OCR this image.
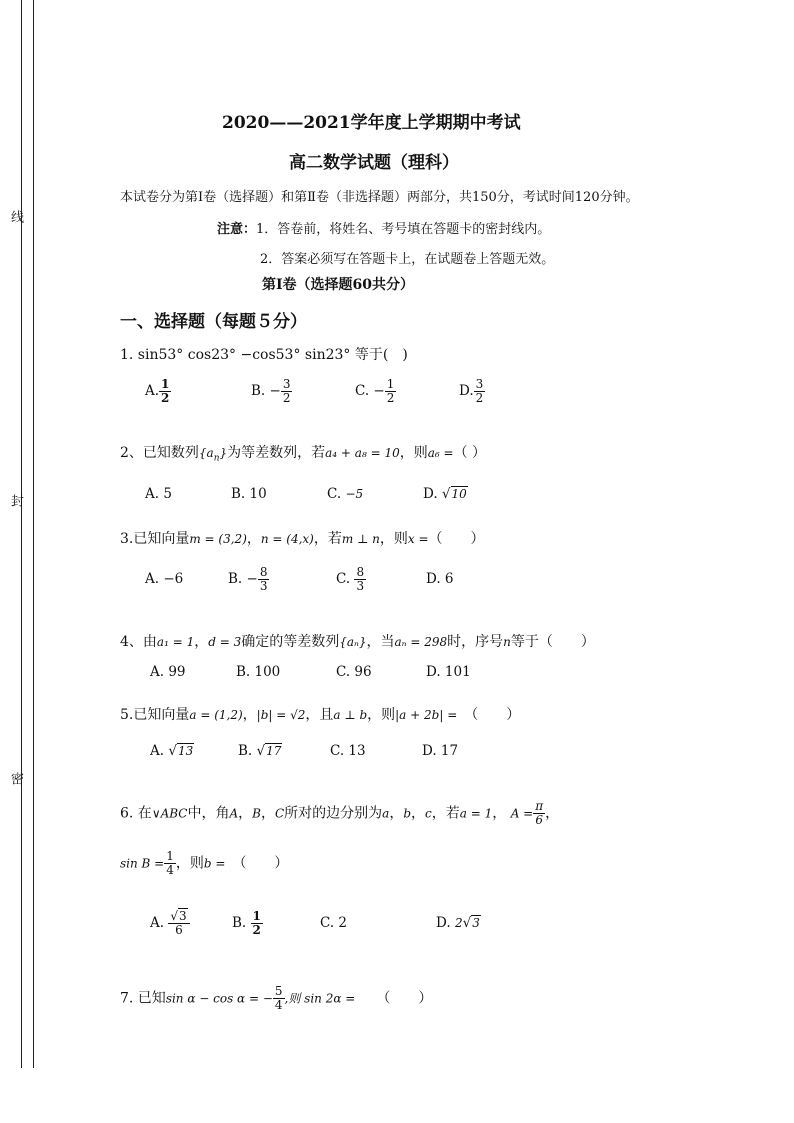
线
封
密
2020——2021学年度上学期期中考试
高二数学试题（理科）
本试卷分为第Ⅰ卷（选择题）和第Ⅱ卷（非选择题）两部分，共150分，考试时间120分钟。
注意：1．答卷前，将姓名、考号填在答题卡的密封线内。
2．答案必须写在答题卡上，在试题卷上答题无效。
第Ⅰ卷（选择题60共分）
一、选择题（每题５分）
1. sin53° cos23° −cos53° sin23° 等于(　)
A. $\frac{1}{2}$	B. − $\frac{3}{2}$	C. − $\frac{1}{2}$	D. $\frac{3}{2}$
2、已知数列$\{a_n\}$为等差数列，若a₄ + a₈ = 10，则a₆ =（ ）
A. 5	B. 10	C. −5	D. √10
3.已知向量m = (3,2)，n = (4,x)，若m ⊥ n，则x =（　　）
A. −6	B. − $\frac{8}{3}$	C. $\frac{8}{3}$	D. 6
4、由a₁ = 1，d = 3确定的等差数列{aₙ}，当aₙ = 298时，序号n等于（　　）
A. 99	B. 100	C. 96	D. 101
5.已知向量a = (1,2)，|b| = √2，且a ⊥ b，则|a + 2b| =　 （　　）
A. √13	B. √17	C. 13	D. 17
6. 在∨ABC中，角A，B，C所对的边分别为a，b，c，若a = 1， $A = \frac{\pi}{6}$ ，
$\sin B = \frac{1}{4}$ ，则b =　 （　　）
A. $\frac{√3}{6}$	B. $\frac{1}{2}$	C. 2	D. 2√3
7. 已知sin α − cos α = − $\frac{5}{4}$ ,则 sin 2α =　　 （　　）
